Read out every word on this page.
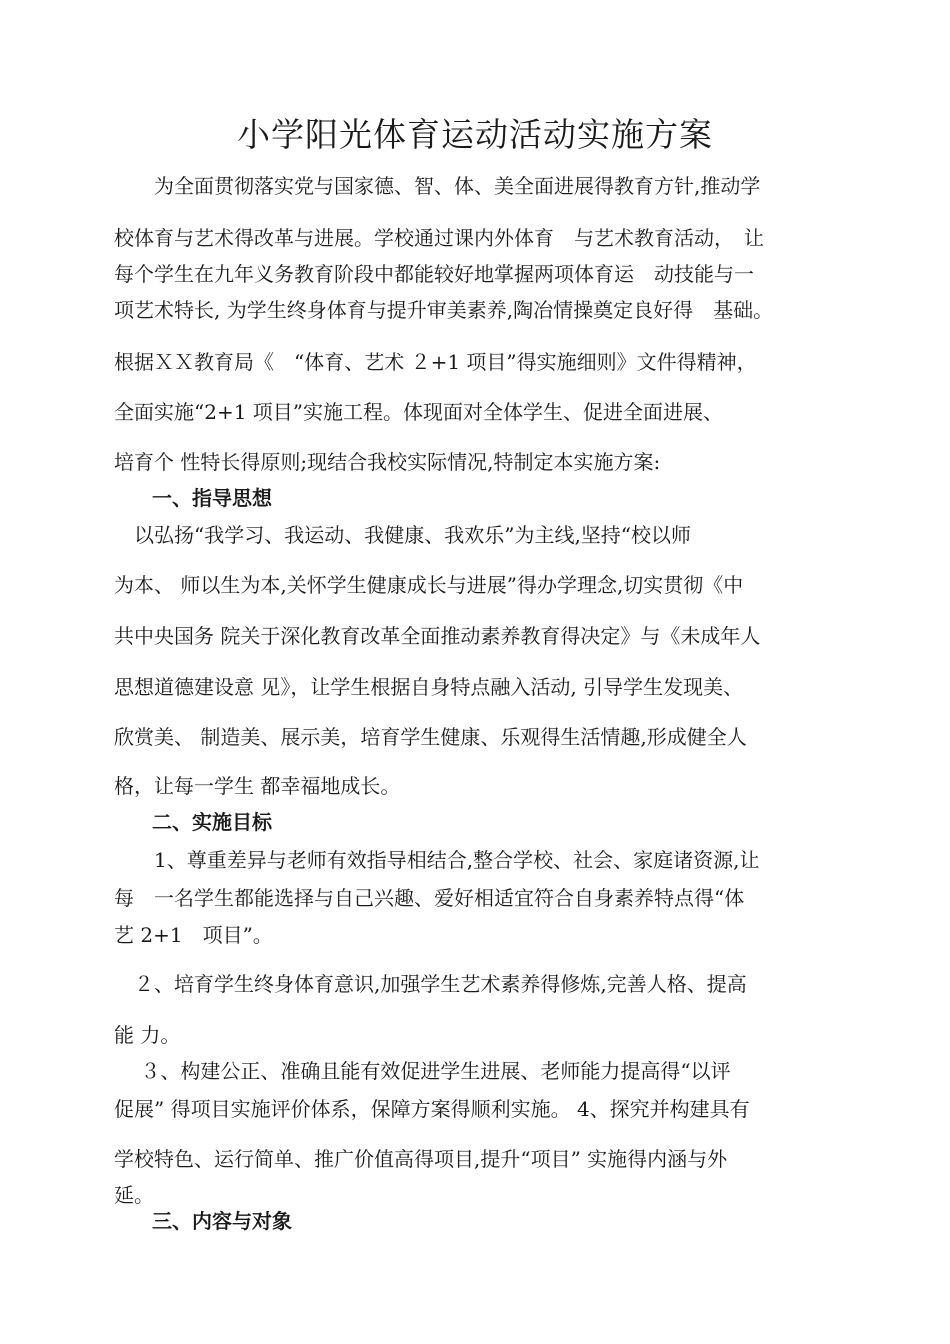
小学阳光体育运动活动实施方案
　　为全面贯彻落实党与国家德、智、体、美全面进展得教育方针,推动学
校体育与艺术得改革与进展。学校通过课内外体育　与艺术教育活动，　让
每个学生在九年义务教育阶段中都能较好地掌握两项体育运　动技能与一
项艺术特长, 为学生终身体育与提升审美素养,陶冶情操奠定良好得　基础。
根据ＸＸ教育局《　“体育、艺术 ２+1 项目”得实施细则》文件得精神，
全面实施“2+1 项目”实施工程。体现面对全体学生、促进全面进展、
培育个 性特长得原则;现结合我校实际情况,特制定本实施方案:
一、指导思想
　以弘扬“我学习、我运动、我健康、我欢乐”为主线,坚持“校以师
为本、 师以生为本,关怀学生健康成长与进展”得办学理念,切实贯彻《中
共中央国务 院关于深化教育改革全面推动素养教育得决定》与《未成年人
思想道德建设意 见》，让学生根据自身特点融入活动, 引导学生发现美、
欣赏美、 制造美、展示美，培育学生健康、乐观得生活情趣,形成健全人
格，让每一学生 都幸福地成长。
二、实施目标
　　1、尊重差异与老师有效指导相结合,整合学校、社会、家庭诸资源,让
每　一名学生都能选择与自己兴趣、爱好相适宜符合自身素养特点得“体
艺 2+1　项目”。
　２、培育学生终身体育意识,加强学生艺术素养得修炼,完善人格、提高
能 力。
　 ３、构建公正、准确且能有效促进学生进展、老师能力提高得“以评
促展” 得项目实施评价体系，保障方案得顺利实施。 4、探究并构建具有
学校特色、运行简单、推广价值高得项目,提升“项目” 实施得内涵与外
延。
三、内容与对象
